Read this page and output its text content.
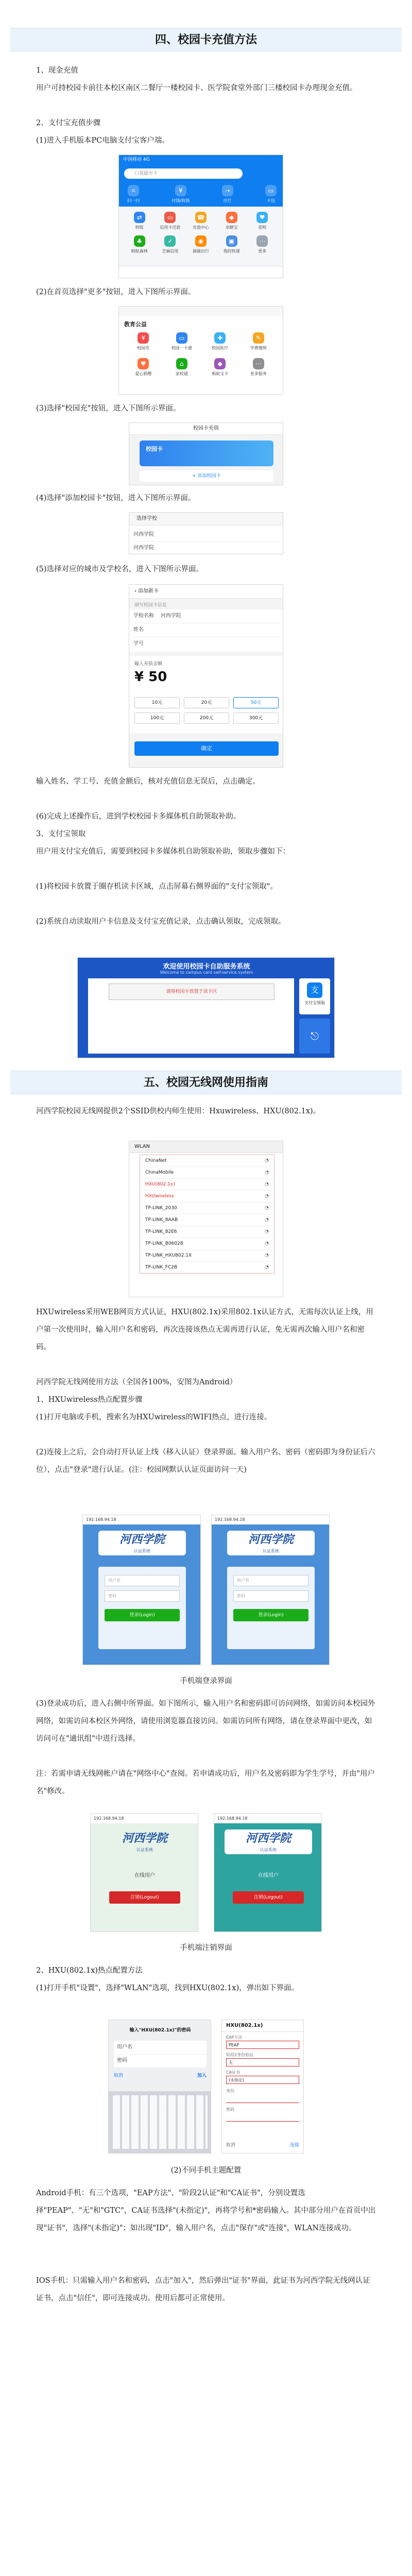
四、校园卡充值方法
1、现金充值
用户可持校园卡前往本校区南区二餐厅一楼校园卡、医学院食堂外部门三楼校园卡办理现金充值。
2、支付宝充值步骤
(1)进入手机版本PC电脑支付宝客户端。
中国移动 4G
口袋超市卡
⌗
扫一扫
¥
付钱/收钱
⇢
出行
▭
卡包
⇄
转账
▭
信用卡还款
☎
充值中心
◆
余额宝
♥
花呗
♣
蚂蚁森林
✓
芝麻信用
◉
滴滴出行
▣
我的快递
⋯
更多
(2)在首页选择"更多"按钮，进入下图所示界面。
教育公益
¥
校园充
▭
校园一卡通
✚
校园医疗
✎
学费缴纳
♥
爱心捐赠
⌂
家校通
◆
蚂蚁宝卡
⋯
更多服务
(3)选择"校园充"按钮，进入下图所示界面。
校园卡充值
校园卡
+ 添加校园卡
(4)选择"添加校园卡"按钮，进入下图所示界面。
选择学校
河西学院
河西学院
(5)选择对应的城市及学校名，进入下图所示界面。
‹ 添加新卡
填写校园卡信息
学校名称 河西学院
姓名
学号
输入充值金额
¥ 50
10元	20元	50元
100元	200元	300元
确定
输入姓名、学工号、充值金额后，核对充值信息无误后，点击确定。
(6)完成上述操作后，进到学校校园卡多媒体机自助领取补助。
3、支付宝领取
用户用支付宝充值后，需要到校园卡多媒体机自助领取补助，领取步骤如下：
(1)将校园卡放置于圈存机读卡区域，点击屏幕右侧界面的"支付宝领取"。
(2)系统自动读取用户卡信息及支付宝充值记录，点击确认领取，完成领取。
欢迎使用校园卡自助服务系统
Welcome to campus card self-service system
请将校园卡放置于读卡区	支
支付宝领取
⎋
五、校园无线网使用指南
河西学院校园无线网提供2个SSID供校内师生使用：Hxuwireless、HXU(802.1x)。
WLAN
ChinaNet	◔
ChinaMobile	◔
HXU(802.1x)	◔
HXUwireless	◔
TP-LINK_2030	◔
TP-LINK_8AAB	◔
TP-LINK_82E6	◔
TP-LINK_B06028	◔
TP-LINK_HXU802.1X	◔
TP-LINK_FC2B	◔
HXUwireless采用WEB网页方式认证，HXU(802.1x)采用802.1x认证方式，无需每次认证上线，用户第一次使用时，输入用户名和密码，再次连接该热点无需再进行认证，免无需再次输入用户名和密码。
河西学院无线网使用方法（全国各100%，安图为Android）
1、HXUwireless热点配置步骤
(1)打开电脑或手机，搜索名为HXUwireless的WIFI热点，进行连接。
(2)连接上之后，会自动打开认证上线（移入认证）登录界面。输入用户名、密码（密码即为身份证后六位），点击"登录"进行认证。(注：校园网默认认证页面访问一天)
192.168.94.18
河西学院
认证系统
用户名
密码
登录(Login)
192.168.94.18
河西学院
认证系统
用户名
密码
登录(Login)
手机端登录界面
(3)登录成功后，进入右侧中所界面。如下图所示，输入用户名和密码即可访问网络，如需访问本校园外网络，如需访问本校区外网络，请使用浏览器直接访问。如需访问所有网络，请在登录界面中更改，如访问可在"通讯组"中进行选择。
注：若需申请无线网帐户请在"网络中心"查阅。若申请成功后，用户名及密码即为学生学号，并由"用户名"修改。
192.168.94.18
河西学院
认证系统
在线用户
注销(Logout)
192.168.94.18
河西学院
认证系统
在线用户
注销(Logout)
手机端注销界面
2、HXU(802.1x)热点配置方法
(1)打开手机"设置"，选择"WLAN"选项，找到HXU(802.1x)，弹出如下界面。
输入"HXU(802.1x)"的密码
用户名
密码
取消	加入
HXU(802.1x)
EAP方法
PEAP
阶段2身份验证
无
CA证书
(未指定)
身份
密码
取消	连接
(2)不同手机主题配置
Android手机：有三个选项，"EAP方法"、"阶段2认证"和"CA证书"，分别设置选择"PEAP"、"无"和"GTC"，CA证书选择"(未指定)"，再将学号和*密码输入。其中部分用户在首页中出现"证书"，选择"(未指定)"；如出现"ID"，输入用户名，点击"保存"或"连接"，WLAN连接成功。
IOS手机：只需输入用户名和密码，点击"加入"，然后弹出"证书"界面，此证书为河西学院无线网认证证书，点击"信任"，即可连接成功。使用后都可正常使用。
